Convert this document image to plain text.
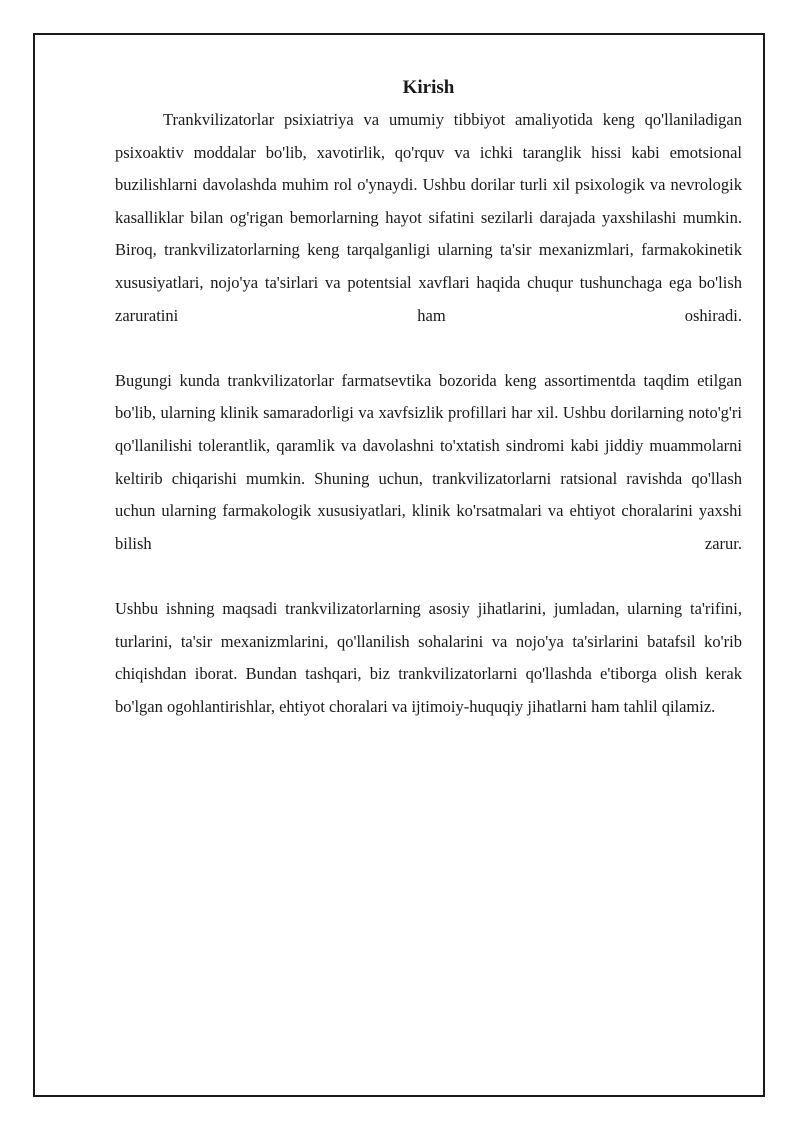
Kirish

Trankvilizatorlar psixiatriya va umumiy tibbiyot amaliyotida keng qo'llaniladigan psixoaktiv moddalar bo'lib, xavotirlik, qo'rquv va ichki taranglik hissi kabi emotsional buzilishlarni davolashda muhim rol o'ynaydi. Ushbu dorilar turli xil psixologik va nevrologik kasalliklar bilan og'rigan bemorlarning hayot sifatini sezilarli darajada yaxshilashi mumkin. Biroq, trankvilizatorlarning keng tarqalganligi ularning ta'sir mexanizmlari, farmakokinetik xususiyatlari, nojo'ya ta'sirlari va potentsial xavflari haqida chuqur tushunchaga ega bo'lish zaruratini ham oshiradi.

Bugungi kunda trankvilizatorlar farmatsevtika bozorida keng assortimentda taqdim etilgan bo'lib, ularning klinik samaradorligi va xavfsizlik profillari har xil. Ushbu dorilarning noto'g'ri qo'llanilishi tolerantlik, qaramlik va davolashni to'xtatish sindromi kabi jiddiy muammolarni keltirib chiqarishi mumkin. Shuning uchun, trankvilizatorlarni ratsional ravishda qo'llash uchun ularning farmakologik xususiyatlari, klinik ko'rsatmalari va ehtiyot choralarini yaxshi bilish zarur.

Ushbu ishning maqsadi trankvilizatorlarning asosiy jihatlarini, jumladan, ularning ta'rifini, turlarini, ta'sir mexanizmlarini, qo'llanilish sohalarini va nojo'ya ta'sirlarini batafsil ko'rib chiqishdan iborat. Bundan tashqari, biz trankvilizatorlarni qo'llashda e'tiborga olish kerak bo'lgan ogohlantirishlar, ehtiyot choralari va ijtimoiy-huquqiy jihatlarni ham tahlil qilamiz.
